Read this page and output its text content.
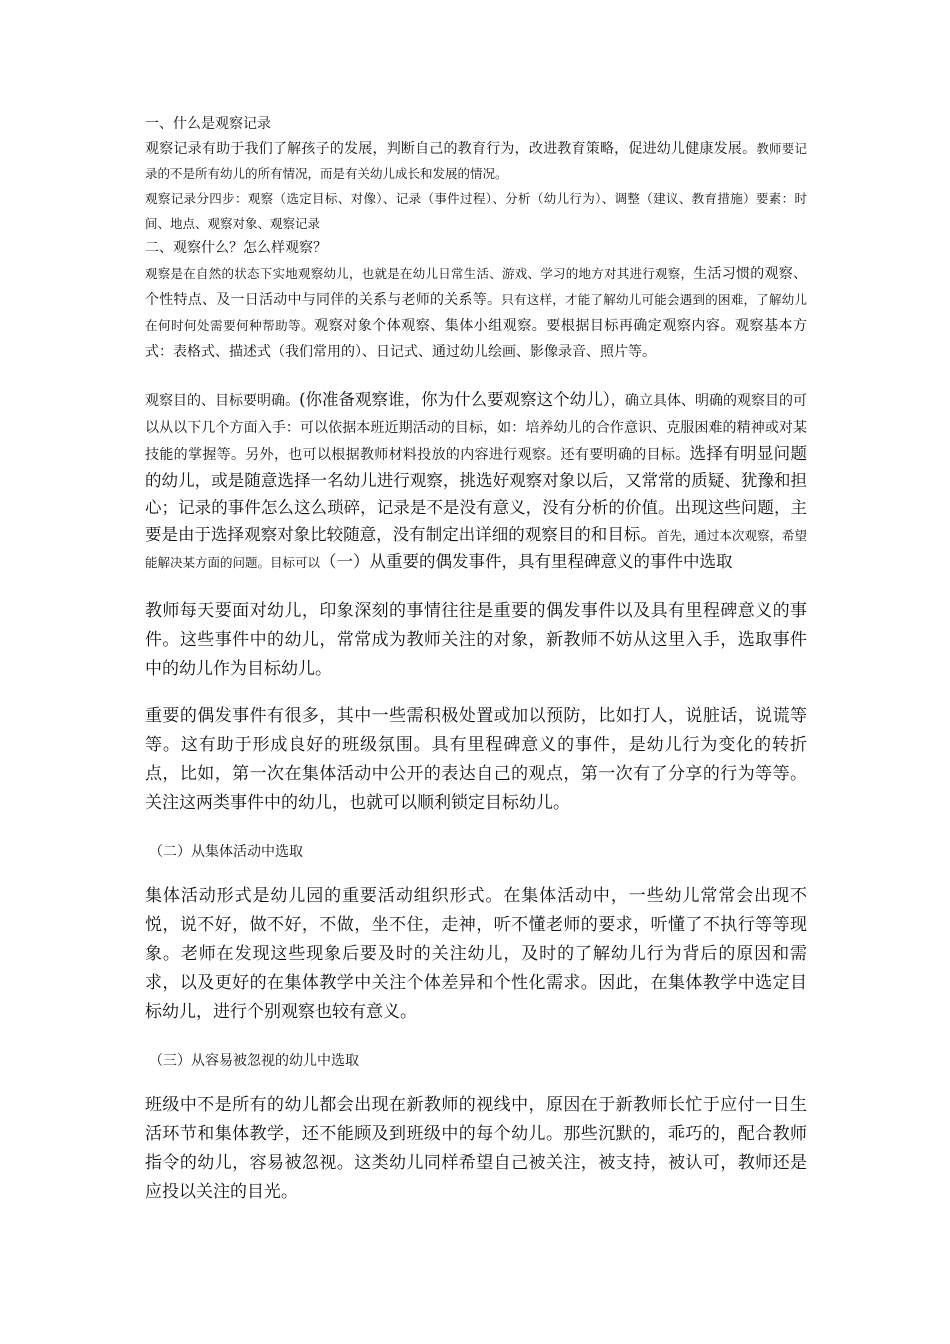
一、什么是观察记录

观察记录有助于我们了解孩子的发展，判断自己的教育行为，改进教育策略，促进幼儿健康发展。教师要记录的不是所有幼儿的所有情况，而是有关幼儿成长和发展的情况。

观察记录分四步：观察（选定目标、对像）、记录（事件过程）、分析（幼儿行为）、调整（建议、教育措施）要素：时间、地点、观察对象、观察记录

二、观察什么？怎么样观察？

观察是在自然的状态下实地观察幼儿，也就是在幼儿日常生活、游戏、学习的地方对其进行观察，生活习惯的观察、个性特点、及一日活动中与同伴的关系与老师的关系等。只有这样，才能了解幼儿可能会遇到的困难，了解幼儿在何时何处需要何种帮助等。观察对象个体观察、集体小组观察。要根据目标再确定观察内容。观察基本方式：表格式、描述式（我们常用的）、日记式、通过幼儿绘画、影像录音、照片等。

观察目的、目标要明确。(你准备观察谁，你为什么要观察这个幼儿），确立具体、明确的观察目的可以从以下几个方面入手：可以依据本班近期活动的目标，如：培养幼儿的合作意识、克服困难的精神或对某技能的掌握等。另外，也可以根据教师材料投放的内容进行观察。还有要明确的目标。选择有明显问题的幼儿，或是随意选择一名幼儿进行观察，挑选好观察对象以后，又常常的质疑、犹豫和担心；记录的事件怎么这么琐碎，记录是不是没有意义，没有分析的价值。出现这些问题，主要是由于选择观察对象比较随意，没有制定出详细的观察目的和目标。首先，通过本次观察，希望能解决某方面的问题。目标可以（一）从重要的偶发事件，具有里程碑意义的事件中选取

教师每天要面对幼儿，印象深刻的事情往往是重要的偶发事件以及具有里程碑意义的事件。这些事件中的幼儿，常常成为教师关注的对象，新教师不妨从这里入手，选取事件中的幼儿作为目标幼儿。

重要的偶发事件有很多，其中一些需积极处置或加以预防，比如打人，说脏话，说谎等等。这有助于形成良好的班级氛围。具有里程碑意义的事件，是幼儿行为变化的转折点，比如，第一次在集体活动中公开的表达自己的观点，第一次有了分享的行为等等。关注这两类事件中的幼儿，也就可以顺利锁定目标幼儿。

（二）从集体活动中选取

集体活动形式是幼儿园的重要活动组织形式。在集体活动中，一些幼儿常常会出现不悦，说不好，做不好，不做，坐不住，走神，听不懂老师的要求，听懂了不执行等等现象。老师在发现这些现象后要及时的关注幼儿，及时的了解幼儿行为背后的原因和需求，以及更好的在集体教学中关注个体差异和个性化需求。因此，在集体教学中选定目标幼儿，进行个别观察也较有意义。

（三）从容易被忽视的幼儿中选取

班级中不是所有的幼儿都会出现在新教师的视线中，原因在于新教师长忙于应付一日生活环节和集体教学，还不能顾及到班级中的每个幼儿。那些沉默的，乖巧的，配合教师指令的幼儿，容易被忽视。这类幼儿同样希望自己被关注，被支持，被认可，教师还是应投以关注的目光。
